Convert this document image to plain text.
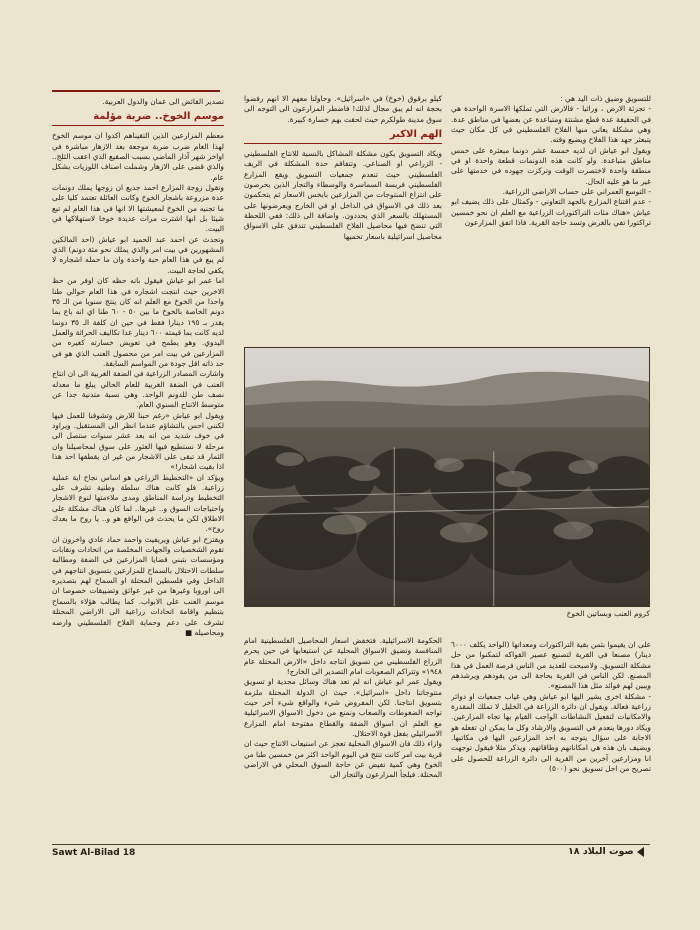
للتسويق وضيق ذات اليد هي :

- تجزئة الارض ، وراثيا - فالارض التي تملكها الاسرة الواحدة هي في الحقيقة عدة قطع مشتتة ومتباعدة عن بعضها في مناطق عدة. وهي مشكلة يعاني منها الفلاح الفلسطيني في كل مكان حيث يتبعثر جهد هذا الفلاح ويضيع وقته.

ويقول ابو عياش ان لديه خمسة عشر دونما مبعثرة على خمس مناطق متباعدة. ولو كانت هذه الدونمات قطعة واحدة او في منطقة واحدة لاختصرت الوقت وتركزت جهوده في خدمتها على غير ما هو عليه الحال.

- التوسع العمراني على حساب الاراضي الزراعية.

- عدم اقتناع المزارع بالجهد التعاوني - وكمثال على ذلك يضيف ابو عياش «هناك مئات التراكتورات الزراعية مع العلم ان نحو خمسين تراكتورا تفي بالغرض وتسد حاجة القرية. فاذا اتفق المزارعون

كيلو برقوق (خوخ) في «اسرائيل». وحاولنا معهم الا انهم رفضوا بحجة انه لم يبق مجال لذلك! فاضطر المزارعون الى التوجه الى سوق مدينة طولكرم حيث لحقت بهم خسارة كبيرة.

الهم الاكبر

ويكاد التسويق يكون مشكلة المشاكل بالنسبة للانتاج الفلسطيني - الزراعي او الصناعي. وتتفاقم حدة المشكلة في الريف الفلسطيني حيث تنعدم جمعيات التسويق ويقع المزارع الفلسطيني فريسة السماسرة والوسطاء والتجار الذين يحرصون على انتزاع المنتوجات من المزارعين بابخس الاسعار ثم يتحكمون بعد ذلك في الاسواق في الداخل او في الخارج ويعرضونها على المستهلك بالسعر الذي يحددون. واضافة الى ذلك: ففي اللحظة التي تنضج فيها محاصيل الفلاح الفلسطيني تتدفق على الاسواق محاصيل اسرائيلية باسعار تحميها

تصدير الفائض الى عمان والدول العربية.

موسم الخوخ.. ضربة مؤلمة

معظم المزارعين الذين التقيناهم اكدوا ان موسم الخوخ لهذا العام ضرب ضربة موجعة بعد الازهار مباشرة في اواخر شهر آذار الماضي بسبب الصقيع الذي اعقب الثلج.. والذي قضى على الازهار وشملت اصناف اللوزيات بشكل عام.

وتقول زوجة المزارع احمد جديع ان زوجها يملك دونمات عدة مزروعة باشجار الخوخ وكانت العائلة تعتمد كليا على ما تجنيه من الخوخ لمعيشتها الا انها في هذا العام لم تبع شيئا بل انها اشترت مرات عديدة خوخا لاستهلاكها في البيت.

وتحدث عن احمد عبد الحميد ابو عياش (احد المالكين المشهورين في بيت امر والذي يملك نحو مئة دونم) الذي لم يبع في هذا العام حبة واحدة وان ما حمله اشجاره لا يكفي لحاجة البيت.

اما عمر ابو عياش فيقول بانه حظه كان اوفر من حظ الاخرين حيث انتجت اشجاره في هذا العام حوالي طنا واحدا من الخوخ مع العلم انه كان ينتج سنويا من الـ ٣٥ دونم الخاصة بالخوخ ما بين ٥٠ - ٦٠ طنا اي انه باع بما يقدر بـ ١٩٥ دينارا فقط في حين ان كلفة الـ ٣٥ دونما لديه كانت بما قيمته ٦٠٠ دينار عدا تكاليف الحراثة والعمل اليدوي. وهو يطمح في تعويض خسارته كغيره من المزارعين في بيت امر من محصول العنب الذي هو في حد ذاته اقل جودة من المواسم السابقة.

واشارت المصادر الزراعية في الضفة الغربية الى ان انتاج العنب في الضفة الغربية للعام الحالي يبلغ ما معدله نصف طن للدونم الواحد. وهي نسبة متدنية جدا عن متوسط الانتاج السنوي العام.

ويقول ابو عياش «رغم حبنا للارض وتشوقنا للعمل فيها لكنني احس بالتشاؤم عندما انظر الى المستقبل. ويراود في خوف شديد من انه بعد عشر سنوات ستصل الى مرحلة لا نستطيع فيها العثور على سوق لمحاصيلنا وان الثمار قد تبقى على الاشجار من غير ان يقطفها احد هذا اذا بقيت اشجار!»

ويؤكد ان «التخطيط الزراعي هو اساس نجاح اية عملية زراعية. فلو كانت هناك سلطة وطنية تشرف على التخطيط ودراسة المناطق ومدى ملاءمتها لنوع الاشجار واحتياجات السوق و.. غيرها.. لما كان هناك مشكلة على الاطلاق لكن ما يحدث في الواقع هو و.. يا روح ما بعدك روح».

ويقترح ابو عياش ويريفيث واحمد حماد عادي واخرون ان تقوم الشخصيات والجهات المخلصة من اتحادات ونقابات ومؤسسات بتبني قضايا المزارعين في الضفة ومطالبة سلطات الاحتلال بالسماح للمزارعين بتسويق انتاجهم في الداخل وفي فلسطين المحتلة او السماح لهم بتصديره الى اوروبا وغيرها من غير عوائق وتضييقات خصوصا ان موسم العنب على الابواب. كما يطالب هؤلاء بالسماح بتنظيم واقامة اتحادات زراعية الى الاراضي المحتلة تشرف على دعم وحماية الفلاح الفلسطيني وارضه ومحاصيله ■

كروم العنب وبساتين الخوخ

على ان يقيموا بثمن بقية التراكتورات ومعداتها (الواحد يكلف ٦٠٠٠ دينار) مصنعا في القرية لتصنيع عصير الفواكه لتمكنوا من حل مشكلة التسويق. ولاصبحت للعديد من الناس فرصة العمل في هذا المصنع. لكن الناس في القرية بحاجة الى من يقودهم ويرشدهم ويبين لهم فوائد مثل هذا المصنع».

- مشكلة اخرى يشير اليها ابو عياش وهي غياب جمعيات او دوائر زراعية فعالة. ويقول ان دائرة الزراعة في الخليل لا تملك المقدرة والامكانيات لتفعيل النشاطات الواجب القيام بها تجاه المزارعين. ويكاد دورها ينعدم في التسويق والارشاد وكل ما يمكن ان تفعله هو الاجابة على سؤال يتوجه به احد المزارعين اليها في مكاتبها. ويضيف بان هذه هي امكاناتهم وطاقاتهم. ويذكر مثلا فيقول توجهت انا ومزارعين آخرين من القرية الى دائرة الزراعة للحصول على تصريح من اجل تسويق نحو (٥٠٠)

الحكومة الاسرائيلية. فتخفض اسعار المحاصيل الفلسطينية امام المنافسة وتضيق الاسواق المحلية عن استيعابها في حين يحرم الزراع الفلسطيني من تسويق انتاجه داخل «الارض المحتلة عام ١٩٤٨» وتتراكم الصعوبات امام التصدير الى الخارج!

ويقول عمر ابو عياش انه لم تعد هناك وسائل مجدية او تسويق منتوجاتنا داخل «اسرائيل». حيث ان الدولة المحتلة ملزمة بتسويق انتاجنا. لكن المفروض شيء والواقع شيء آخر حيث تواجه الضغوطات والصعاب ونمنع من دخول الاسواق الاسرائيلية مع العلم ان اسواق الضفة والقطاع مفتوحة امام المزارع الاسرائيلي بفعل قوة الاحتلال.

وازاء ذلك فان الاسواق المحلية تعجز عن استيعاب الانتاج حيث ان قرية بيت امر كانت تنتج في اليوم الواحد اكثر من خمسين طنا من الخوخ وهي كمية تفيض عن حاجة السوق المحلي في الاراضي المحتلة. فيلجأ المزارعون والتجار الى

Sawt Al-Bilad 18	صوت البلاد ١٨
